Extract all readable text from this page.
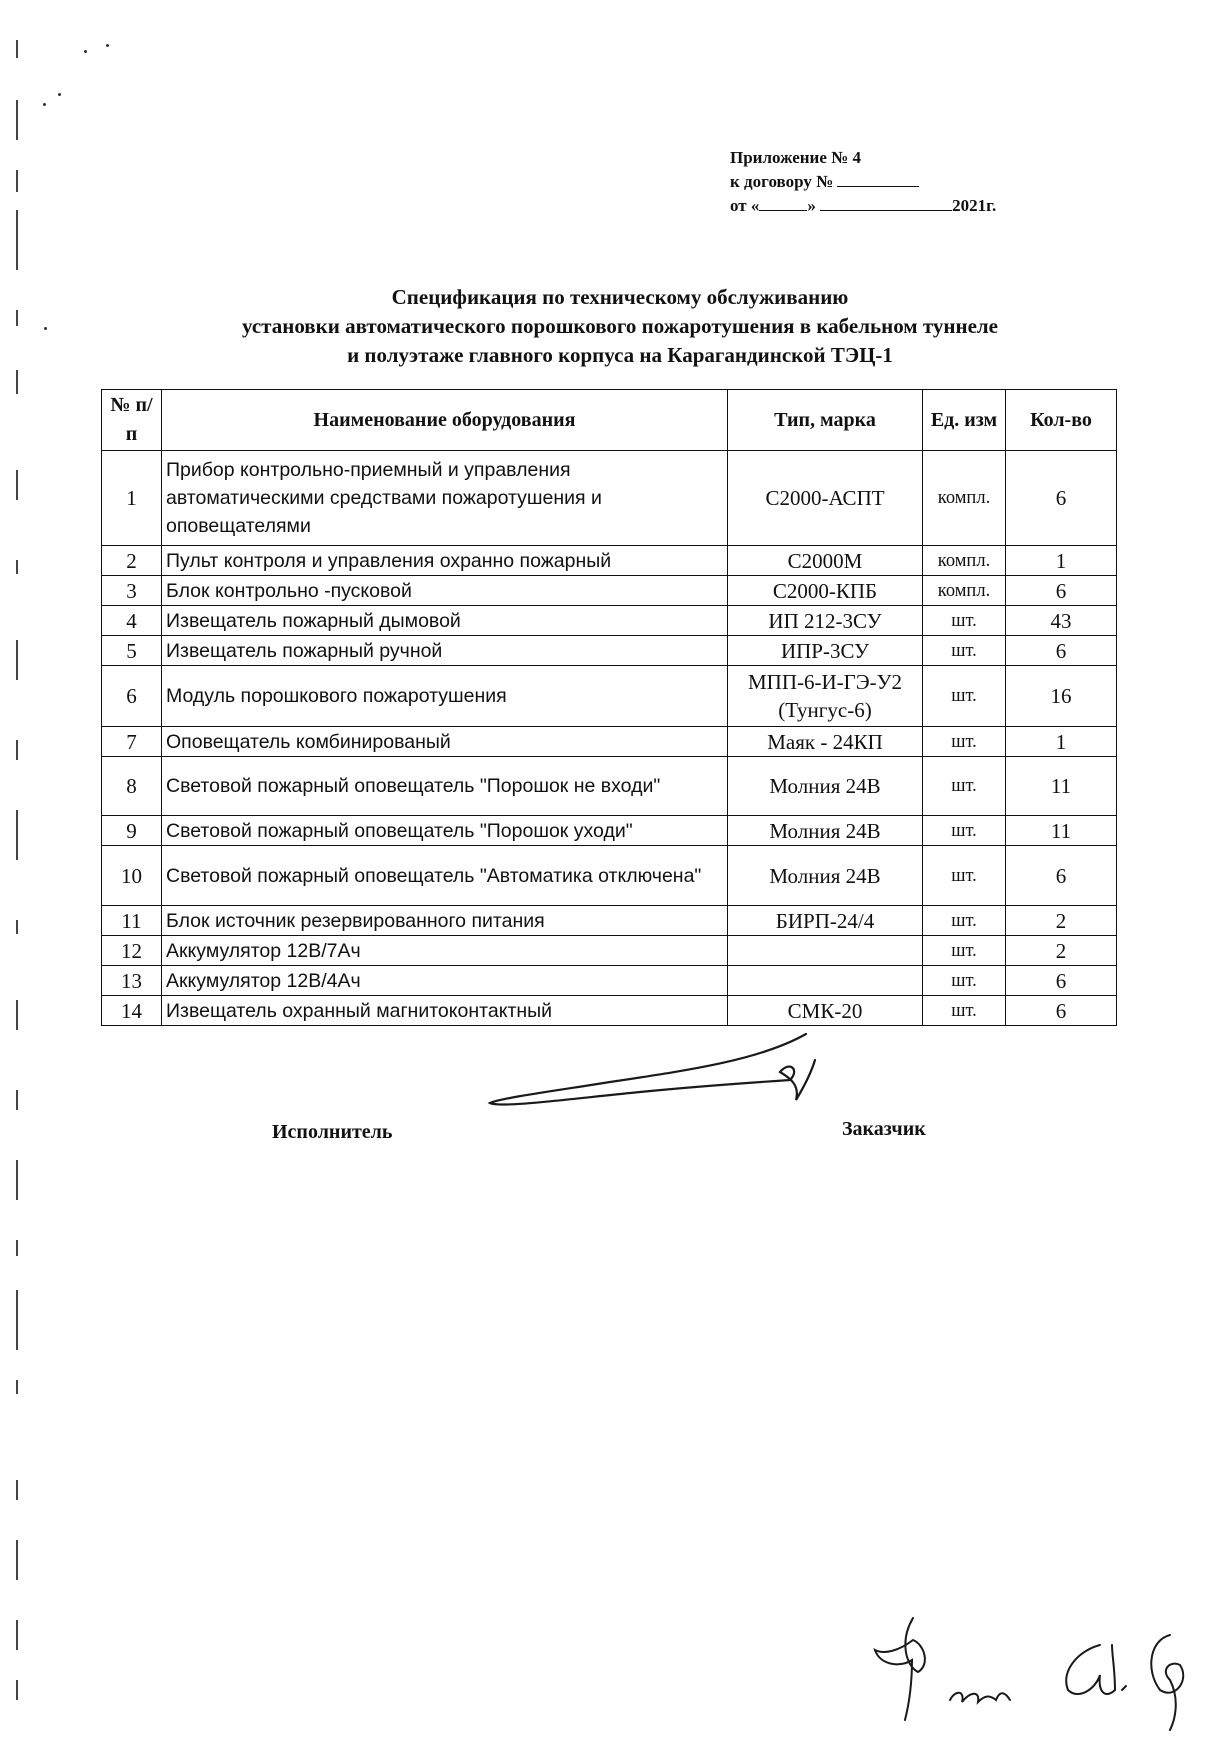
Приложение № 4
к договору №
от «	»	2021г.
Спецификация по техническому обслуживанию
установки автоматического порошкового пожаротушения в кабельном туннеле
и полуэтаже главного корпуса на Карагандинской ТЭЦ-1
№ п/п	Наименование оборудования	Тип, марка	Ед. изм	Кол-во
1	Прибор контрольно-приемный и управления автоматическими средствами пожаротушения и оповещателями	С2000-АСПТ	компл.	6
2	Пульт контроля и управления охранно пожарный	С2000М	компл.	1
3	Блок контрольно -пусковой	С2000-КПБ	компл.	6
4	Извещатель пожарный дымовой	ИП 212-3СУ	шт.	43
5	Извещатель пожарный ручной	ИПР-3СУ	шт.	6
6	Модуль порошкового пожаротушения	МПП-6-И-ГЭ-У2 (Тунгус-6)	шт.	16
7	Оповещатель комбинированый	Маяк - 24КП	шт.	1
8	Световой пожарный оповещатель "Порошок не входи"	Молния 24В	шт.	11
9	Световой пожарный оповещатель "Порошок уходи"	Молния 24В	шт.	11
10	Световой пожарный оповещатель "Автоматика отключена"	Молния 24В	шт.	6
11	Блок источник резервированного питания	БИРП-24/4	шт.	2
12	Аккумулятор 12В/7Ач		шт.	2
13	Аккумулятор 12В/4Ач		шт.	6
14	Извещатель охранный магнитоконтактный	СМК-20	шт.	6
Исполнитель	Заказчик
